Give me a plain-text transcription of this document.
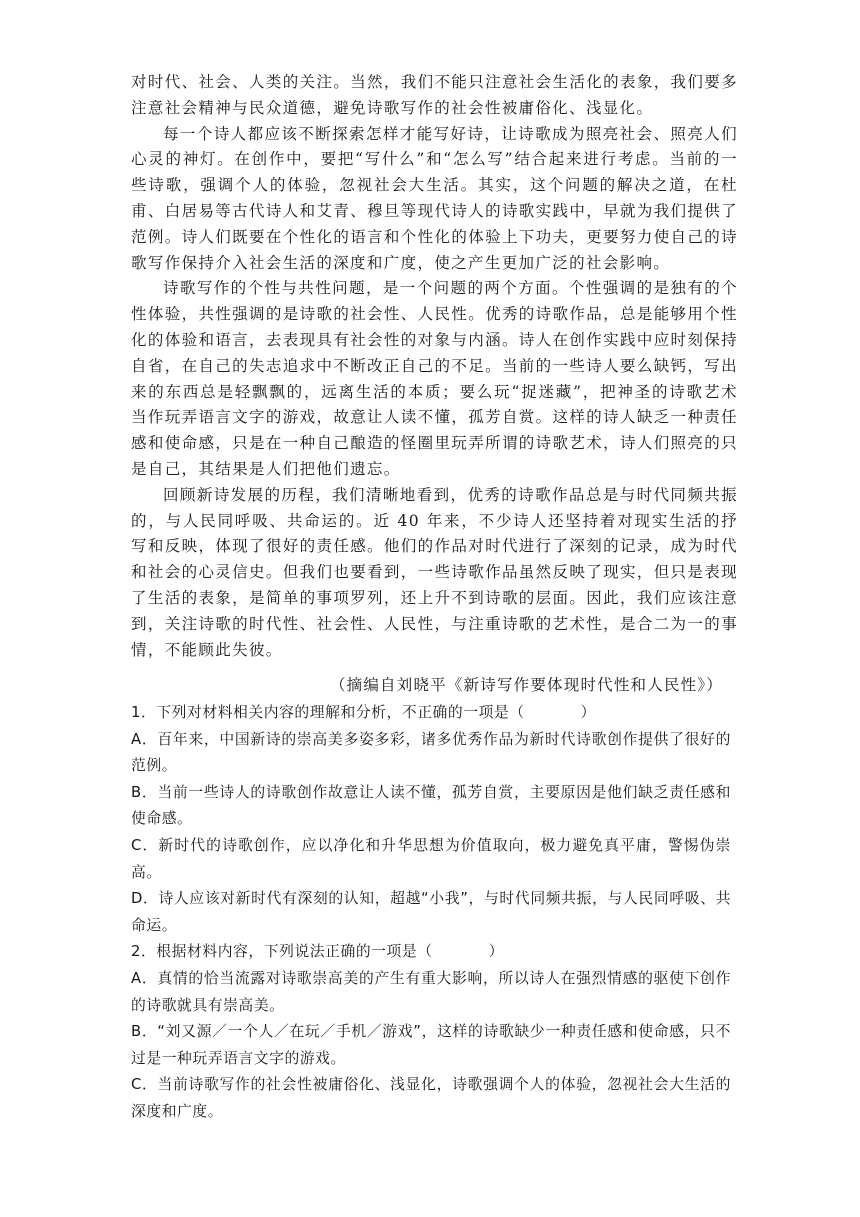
对时代、社会、人类的关注。当然，我们不能只注意社会生活化的表象，我们要多注意社会精神与民众道德，避免诗歌写作的社会性被庸俗化、浅显化。

每一个诗人都应该不断探索怎样才能写好诗，让诗歌成为照亮社会、照亮人们心灵的神灯。在创作中，要把“写什么”和“怎么写”结合起来进行考虑。当前的一些诗歌，强调个人的体验，忽视社会大生活。其实，这个问题的解决之道，在杜甫、白居易等古代诗人和艾青、穆旦等现代诗人的诗歌实践中，早就为我们提供了范例。诗人们既要在个性化的语言和个性化的体验上下功夫，更要努力使自己的诗歌写作保持介入社会生活的深度和广度，使之产生更加广泛的社会影响。

诗歌写作的个性与共性问题，是一个问题的两个方面。个性强调的是独有的个性体验，共性强调的是诗歌的社会性、人民性。优秀的诗歌作品，总是能够用个性化的体验和语言，去表现具有社会性的对象与内涵。诗人在创作实践中应时刻保持自省，在自己的失志追求中不断改正自己的不足。当前的一些诗人要么缺钙，写出来的东西总是轻飘飘的，远离生活的本质；要么玩“捉迷藏”，把神圣的诗歌艺术当作玩弄语言文字的游戏，故意让人读不懂，孤芳自赏。这样的诗人缺乏一种责任感和使命感，只是在一种自己酿造的怪圈里玩弄所谓的诗歌艺术，诗人们照亮的只是自己，其结果是人们把他们遗忘。

回顾新诗发展的历程，我们清晰地看到，优秀的诗歌作品总是与时代同频共振的，与人民同呼吸、共命运的。近 40 年来，不少诗人还坚持着对现实生活的抒写和反映，体现了很好的责任感。他们的作品对时代进行了深刻的记录，成为时代和社会的心灵信史。但我们也要看到，一些诗歌作品虽然反映了现实，但只是表现了生活的表象，是简单的事项罗列，还上升不到诗歌的层面。因此，我们应该注意到，关注诗歌的时代性、社会性、人民性，与注重诗歌的艺术性，是合二为一的事情，不能顾此失彼。

（摘编自刘晓平《新诗写作要体现时代性和人民性》）

1．下列对材料相关内容的理解和分析，不正确的一项是（	）

A．百年来，中国新诗的崇高美多姿多彩，诸多优秀作品为新时代诗歌创作提供了很好的范例。

B．当前一些诗人的诗歌创作故意让人读不懂，孤芳自赏，主要原因是他们缺乏责任感和使命感。

C．新时代的诗歌创作，应以净化和升华思想为价值取向，极力避免真平庸，警惕伪崇高。

D．诗人应该对新时代有深刻的认知，超越“小我”，与时代同频共振，与人民同呼吸、共命运。

2．根据材料内容，下列说法正确的一项是（	）

A．真情的恰当流露对诗歌崇高美的产生有重大影响，所以诗人在强烈情感的驱使下创作的诗歌就具有崇高美。

B．“刘又源／一个人／在玩／手机／游戏”，这样的诗歌缺少一种责任感和使命感，只不过是一种玩弄语言文字的游戏。

C．当前诗歌写作的社会性被庸俗化、浅显化，诗歌强调个人的体验，忽视社会大生活的深度和广度。
